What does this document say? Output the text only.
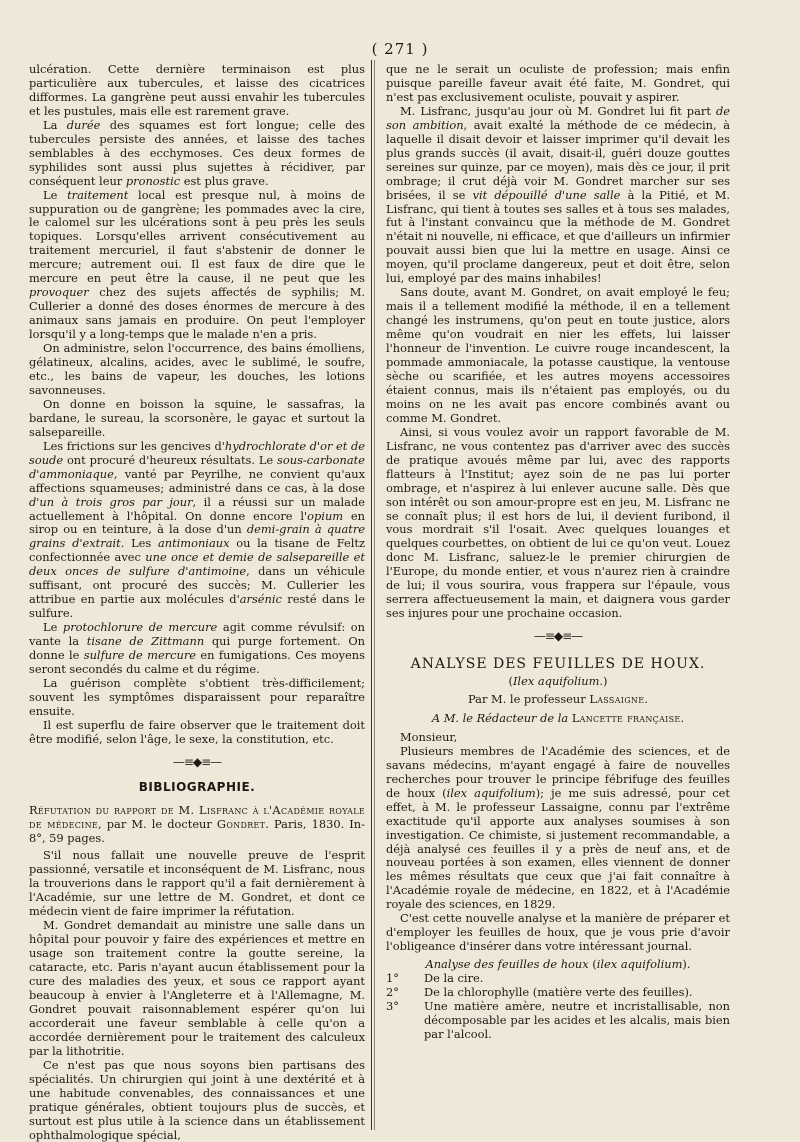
( 271 )

ulcération. Cette dernière terminaison est plus particulière aux tubercules, et laisse des cicatrices difformes. La gangrène peut aussi envahir les tubercules et les pustules, mais elle est rarement grave.

La durée des squames est fort longue; celle des tubercules persiste des années, et laisse des taches semblables à des ecchymoses. Ces deux formes de syphilides sont aussi plus sujettes à récidiver, par conséquent leur pronostic est plus grave.

Le traitement local est presque nul, à moins de suppuration ou de gangrène; les pommades avec la cire, le calomel sur les ulcérations sont à peu près les seuls topiques. Lorsqu'elles arrivent consécutivement au traitement mercuriel, il faut s'abstenir de donner le mercure; autrement oui. Il est faux de dire que le mercure en peut être la cause, il ne peut que les provoquer chez des sujets affectés de syphilis; M. Cullerier a donné des doses énormes de mercure à des animaux sans jamais en produire. On peut l'employer lorsqu'il y a long-temps que le malade n'en a pris.

On administre, selon l'occurrence, des bains émolliens, gélatineux, alcalins, acides, avec le sublimé, le soufre, etc., les bains de vapeur, les douches, les lotions savonneuses.

On donne en boisson la squine, le sassafras, la bardane, le sureau, la scorsonère, le gayac et surtout la salsepareille.

Les frictions sur les gencives d'hydrochlorate d'or et de soude ont procuré d'heureux résultats. Le sous-carbonate d'ammoniaque, vanté par Peyrilhe, ne convient qu'aux affections squameuses; administré dans ce cas, à la dose d'un à trois gros par jour, il a réussi sur un malade actuellement à l'hôpital. On donne encore l'opium en sirop ou en teinture, à la dose d'un demi-grain à quatre grains d'extrait. Les antimoniaux ou la tisane de Feltz confectionnée avec une once et demie de salsepareille et deux onces de sulfure d'antimoine, dans un véhicule suffisant, ont procuré des succès; M. Cullerier les attribue en partie aux molécules d'arsénic resté dans le sulfure.

Le protochlorure de mercure agit comme révulsif: on vante la tisane de Zittmann qui purge fortement. On donne le sulfure de mercure en fumigations. Ces moyens seront secondés du calme et du régime.

La guérison complète s'obtient très-difficilement; souvent les symptômes disparaissent pour reparaître ensuite.

Il est superflu de faire observer que le traitement doit être modifié, selon l'âge, le sexe, la constitution, etc.

—≡◆≡—
BIBLIOGRAPHIE.

Réfutation du rapport de M. Lisfranc à l'Académie royale de médecine, par M. le docteur Gondret. Paris, 1830. In-8°, 59 pages.

S'il nous fallait une nouvelle preuve de l'esprit passionné, versatile et inconséquent de M. Lisfranc, nous la trouverions dans le rapport qu'il a fait dernièrement à l'Académie, sur une lettre de M. Gondret, et dont ce médecin vient de faire imprimer la réfutation.

M. Gondret demandait au ministre une salle dans un hôpital pour pouvoir y faire des expériences et mettre en usage son traitement contre la goutte sereine, la cataracte, etc. Paris n'ayant aucun établissement pour la cure des maladies des yeux, et sous ce rapport ayant beaucoup à envier à l'Angleterre et à l'Allemagne, M. Gondret pouvait raisonnablement espérer qu'on lui accorderait une faveur semblable à celle qu'on a accordée dernièrement pour le traitement des calculeux par la lithotritie.

Ce n'est pas que nous soyons bien partisans des spécialités. Un chirurgien qui joint à une dextérité et à une habitude convenables, des connaissances et une pratique générales, obtient toujours plus de succès, et surtout est plus utile à la science dans un établissement ophthalmologique spécial,

que ne le serait un oculiste de profession; mais enfin puisque pareille faveur avait été faite, M. Gondret, qui n'est pas exclusivement oculiste, pouvait y aspirer.

M. Lisfranc, jusqu'au jour où M. Gondret lui fit part de son ambition, avait exalté la méthode de ce médecin, à laquelle il disait devoir et laisser imprimer qu'il devait les plus grands succès (il avait, disait-il, guéri douze gouttes sereines sur quinze, par ce moyen), mais dès ce jour, il prit ombrage; il crut déjà voir M. Gondret marcher sur ses brisées, il se vit dépouillé d'une salle à la Pitié, et M. Lisfranc, qui tient à toutes ses salles et à tous ses malades, fut à l'instant convaincu que la méthode de M. Gondret n'était ni nouvelle, ni efficace, et que d'ailleurs un infirmier pouvait aussi bien que lui la mettre en usage. Ainsi ce moyen, qu'il proclame dangereux, peut et doit être, selon lui, employé par des mains inhabiles!

Sans doute, avant M. Gondret, on avait employé le feu; mais il a tellement modifié la méthode, il en a tellement changé les instrumens, qu'on peut en toute justice, alors même qu'on voudrait en nier les effets, lui laisser l'honneur de l'invention. Le cuivre rouge incandescent, la pommade ammoniacale, la potasse caustique, la ventouse sèche ou scarifiée, et les autres moyens accessoires étaient connus, mais ils n'étaient pas employés, ou du moins on ne les avait pas encore combinés avant ou comme M. Gondret.

Ainsi, si vous voulez avoir un rapport favorable de M. Lisfranc, ne vous contentez pas d'arriver avec des succès de pratique avoués même par lui, avec des rapports flatteurs à l'Institut; ayez soin de ne pas lui porter ombrage, et n'aspirez à lui enlever aucune salle. Dès que son intérêt ou son amour-propre est en jeu, M. Lisfranc ne se connaît plus; il est hors de lui, il devient furibond, il vous mordrait s'il l'osait. Avec quelques louanges et quelques courbettes, on obtient de lui ce qu'on veut. Louez donc M. Lisfranc, saluez-le le premier chirurgien de l'Europe, du monde entier, et vous n'aurez rien à craindre de lui; il vous sourira, vous frappera sur l'épaule, vous serrera affectueusement la main, et daignera vous garder ses injures pour une prochaine occasion.

—≡◆≡—

ANALYSE DES FEUILLES DE HOUX.

(Ilex aquifolium.)

Par M. le professeur Lassaigne.

A M. le Rédacteur de la Lancette française.

Monsieur,

Plusieurs membres de l'Académie des sciences, et de savans médecins, m'ayant engagé à faire de nouvelles recherches pour trouver le principe fébrifuge des feuilles de houx (ilex aquifolium); je me suis adressé, pour cet effet, à M. le professeur Lassaigne, connu par l'extrême exactitude qu'il apporte aux analyses soumises à son investigation. Ce chimiste, si justement recommandable, a déjà analysé ces feuilles il y a près de neuf ans, et de nouveau portées à son examen, elles viennent de donner les mêmes résultats que ceux que j'ai fait connaître à l'Académie royale de médecine, en 1822, et à l'Académie royale des sciences, en 1829.

C'est cette nouvelle analyse et la manière de préparer et d'employer les feuilles de houx, que je vous prie d'avoir l'obligeance d'insérer dans votre intéressant journal.

Analyse des feuilles de houx (ilex aquifolium).

1° De la cire.

2° De la chlorophylle (matière verte des feuilles).

3° Une matière amère, neutre et incristallisable, non décomposable par les acides et les alcalis, mais bien par l'alcool.
